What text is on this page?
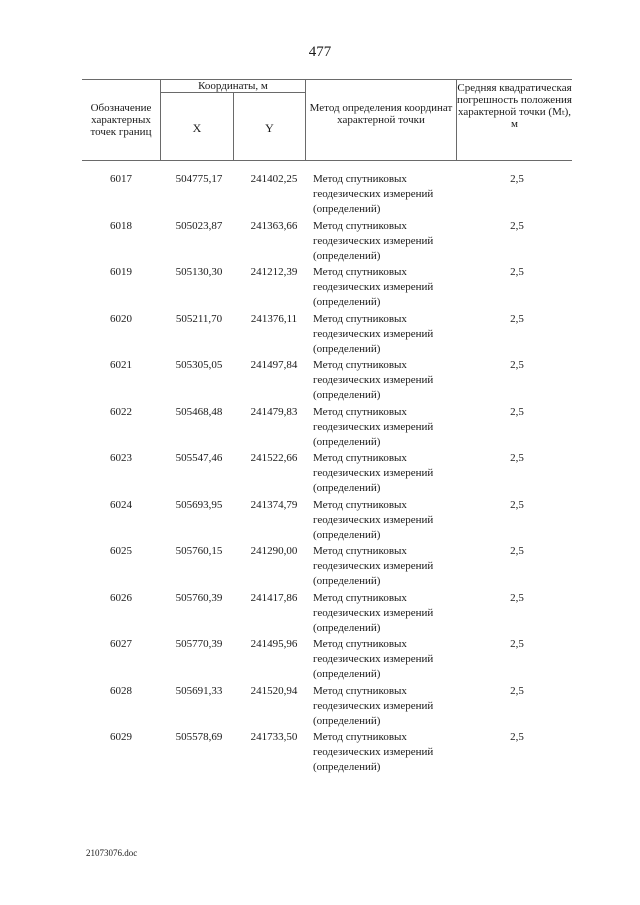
477
Обозначение характерных точек границ
Координаты, м
X	Y
Метод определения координат характерной точки
Средняя квадратическая погрешность положения характерной точки (Mₜ), м
6017	504775,17	241402,25	Метод спутниковых геодезических измерений (определений)	2,5
6018	505023,87	241363,66	Метод спутниковых геодезических измерений (определений)	2,5
6019	505130,30	241212,39	Метод спутниковых геодезических измерений (определений)	2,5
6020	505211,70	241376,11	Метод спутниковых геодезических измерений (определений)	2,5
6021	505305,05	241497,84	Метод спутниковых геодезических измерений (определений)	2,5
6022	505468,48	241479,83	Метод спутниковых геодезических измерений (определений)	2,5
6023	505547,46	241522,66	Метод спутниковых геодезических измерений (определений)	2,5
6024	505693,95	241374,79	Метод спутниковых геодезических измерений (определений)	2,5
6025	505760,15	241290,00	Метод спутниковых геодезических измерений (определений)	2,5
6026	505760,39	241417,86	Метод спутниковых геодезических измерений (определений)	2,5
6027	505770,39	241495,96	Метод спутниковых геодезических измерений (определений)	2,5
6028	505691,33	241520,94	Метод спутниковых геодезических измерений (определений)	2,5
6029	505578,69	241733,50	Метод спутниковых геодезических измерений (определений)	2,5
21073076.doc
